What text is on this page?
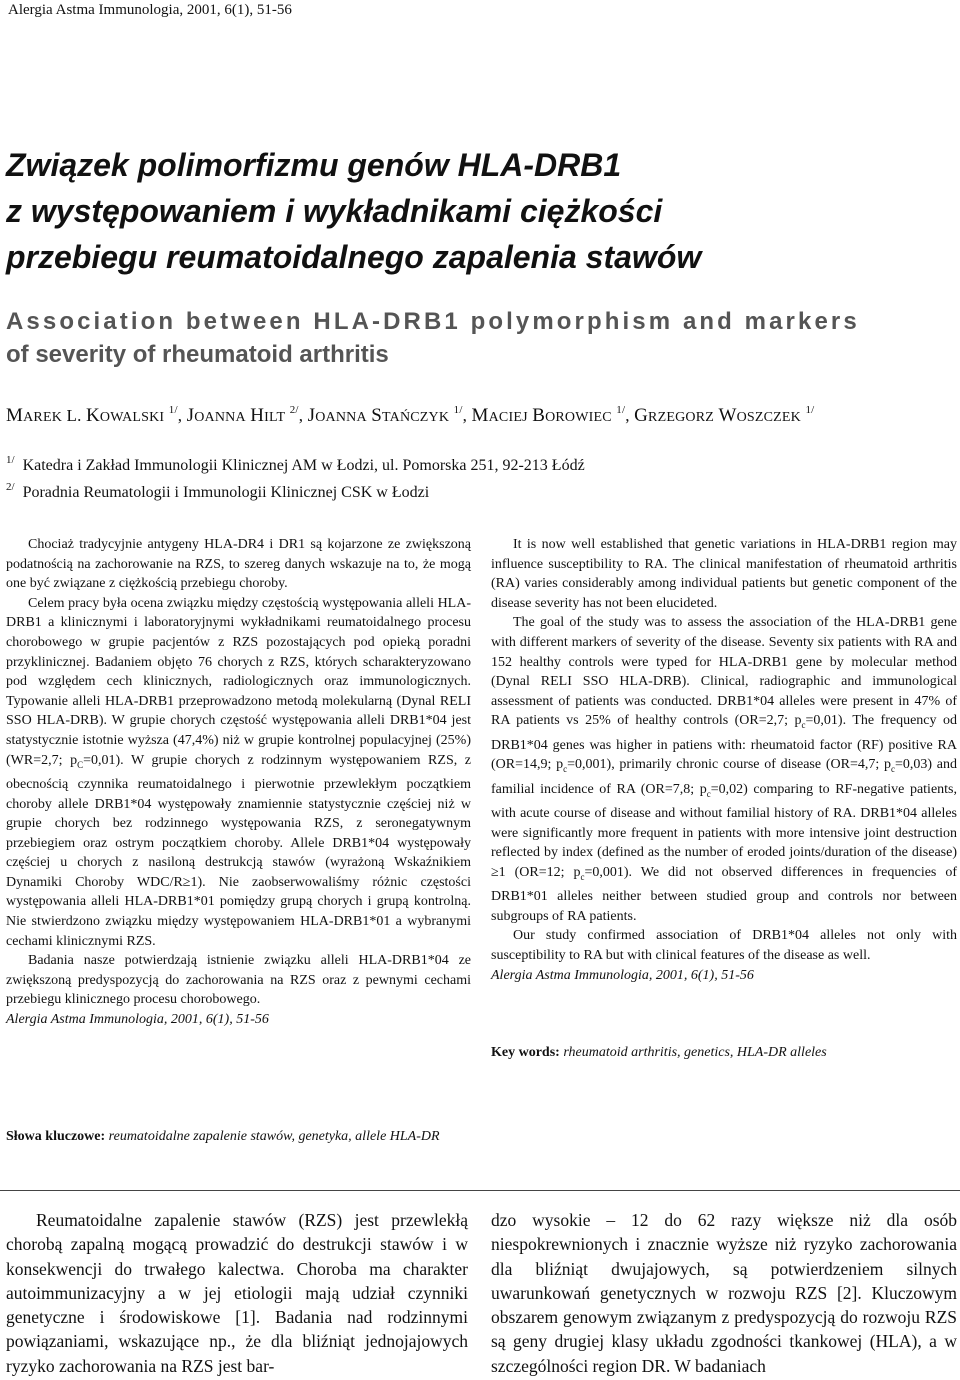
Alergia Astma Immunologia, 2001, 6(1), 51-56
Związek polimorfizmu genów HLA-DRB1
z występowaniem i wykładnikami ciężkości
przebiegu reumatoidalnego zapalenia stawów
Association between HLA-DRB1 polymorphism and markers
of severity of rheumatoid arthritis
MAREK L. KOWALSKI $^{1/}$, JOANNA HILT $^{2/}$, JOANNA STAŃCZYK $^{1/}$, MACIEJ BOROWIEC $^{1/}$, GRZEGORZ WOSZCZEK $^{1/}$
$^{1/}$ Katedra i Zakład Immunologii Klinicznej AM w Łodzi, ul. Pomorska 251, 92-213 Łódź
$^{2/}$ Poradnia Reumatologii i Immunologii Klinicznej CSK w Łodzi

Chociaż tradycyjnie antygeny HLA-DR4 i DR1 są kojarzone ze zwiększoną podatnością na zachorowanie na RZS, to szereg danych wskazuje na to, że mogą one być związane z ciężkością przebiegu choroby.

Celem pracy była ocena związku między częstością występowania alleli HLA-DRB1 a klinicznymi i laboratoryjnymi wykładnikami reumatoidalnego procesu chorobowego w grupie pacjentów z RZS pozostających pod opieką poradni przyklinicznej. Badaniem objęto 76 chorych z RZS, których scharakteryzowano pod względem cech klinicznych, radiologicznych oraz immunologicznych. Typowanie alleli HLA-DRB1 przeprowadzono metodą molekularną (Dynal RELI SSO HLA-DRB). W grupie chorych częstość występowania alleli DRB1*04 jest statystycznie istotnie wyższa (47,4%) niż w grupie kontrolnej populacyjnej (25%) (WR=2,7; $p_C=0,01$). W grupie chorych z rodzinnym występowaniem RZS, z obecnością czynnika reumatoidalnego i pierwotnie przewlekłym początkiem choroby allele DRB1*04 występowały znamiennie statystycznie częściej niż w grupie chorych bez rodzinnego występowania RZS, z seronegatywnym przebiegiem oraz ostrym początkiem choroby. Allele DRB1*04 występowały częściej u chorych z nasiloną destrukcją stawów (wyrażoną Wskaźnikiem Dynamiki Choroby WDC/R≥1). Nie zaobserwowaliśmy różnic częstości występowania alleli HLA-DRB1*01 pomiędzy grupą chorych i grupą kontrolną. Nie stwierdzono związku między występowaniem HLA-DRB1*01 a wybranymi cechami klinicznymi RZS.

Badania nasze potwierdzają istnienie związku alleli HLA-DRB1*04 ze zwiększoną predyspozycją do zachorowania na RZS oraz z pewnymi cechami przebiegu klinicznego procesu chorobowego.

Alergia Astma Immunologia, 2001, 6(1), 51-56
Słowa kluczowe: reumatoidalne zapalenie stawów, genetyka, allele HLA-DR

It is now well established that genetic variations in HLA-DRB1 region may influence susceptibility to RA. The clinical manifestation of rheumatoid arthritis (RA) varies considerably among individual patients but genetic component of the disease severity has not been elucideted.

The goal of the study was to assess the association of the HLA-DRB1 gene with different markers of severity of the disease. Seventy six patients with RA and 152 healthy controls were typed for HLA-DRB1 gene by molecular method (Dynal RELI SSO HLA-DRB). Clinical, radiographic and immunological assessment of patients was conducted. DRB1*04 alleles were present in 47% of RA patients vs 25% of healthy controls (OR=2,7; $p_c=0,01$). The frequency od DRB1*04 genes was higher in patiens with: rheumatoid factor (RF) positive RA (OR=14,9; $p_c=0,001$), primarily chronic course of disease (OR=4,7; $p_c=0,03$) and familial incidence of RA (OR=7,8; $p_c=0,02$) comparing to RF-negative patients, with acute course of disease and without familial history of RA. DRB1*04 alleles were significantly more frequent in patients with more intensive joint destruction reflected by index (defined as the number of eroded joints/duration of the disease) ≥1 (OR=12; $p_c=0,001$). We did not observed differences in frequencies of DRB1*01 alleles neither between studied group and controls nor between subgroups of RA patients.

Our study confirmed association of DRB1*04 alleles not only with susceptibility to RA but with clinical features of the disease as well.

Alergia Astma Immunologia, 2001, 6(1), 51-56
Key words: rheumatoid arthritis, genetics, HLA-DR alleles

Reumatoidalne zapalenie stawów (RZS) jest przewlekłą chorobą zapalną mogącą prowadzić do destrukcji stawów i w konsekwencji do trwałego kalectwa. Choroba ma charakter autoimmunizacyjny a w jej etiologii mają udział czynniki genetyczne i środowiskowe [1]. Badania nad rodzinnymi powiązaniami, wskazujące np., że dla bliźniąt jednojajowych ryzyko zachorowania na RZS jest bar-

dzo wysokie – 12 do 62 razy większe niż dla osób niespokrewnionych i znacznie wyższe niż ryzyko zachorowania dla bliźniąt dwujajowych, są potwierdzeniem silnych uwarunkowań genetycznych w rozwoju RZS [2]. Kluczowym obszarem genowym związanym z predyspozycją do rozwoju RZS są geny drugiej klasy układu zgodności tkankowej (HLA), a w szczególności region DR. W badaniach
